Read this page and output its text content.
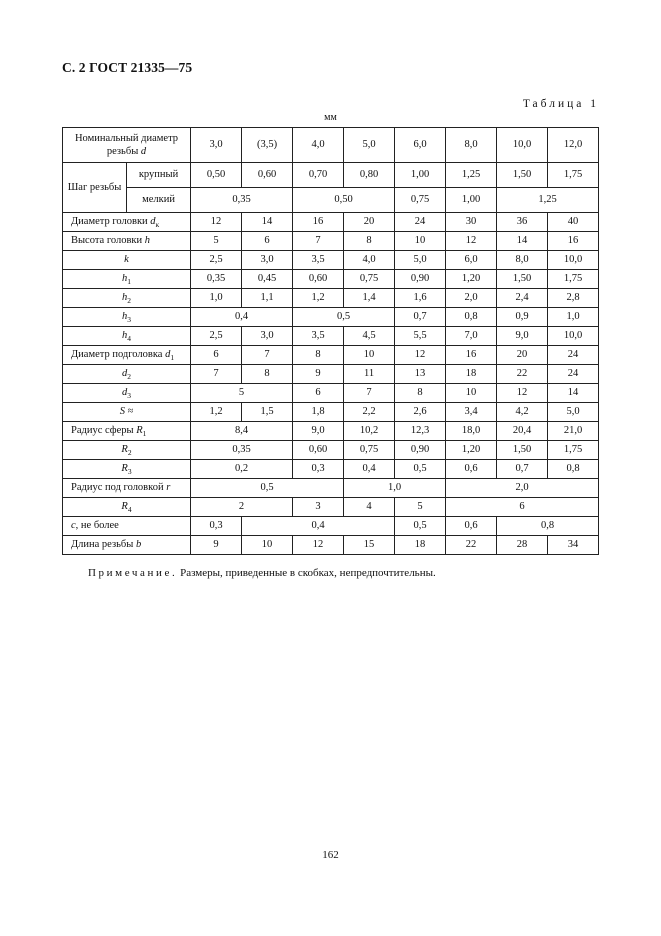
С. 2 ГОСТ 21335—75
Таблица 1
мм
Номинальный диаметр резьбы d		3,0	(3,5)	4,0	5,0	6,0	8,0	10,0	12,0
Шаг резьбы	крупный	0,50	0,60	0,70	0,80	1,00	1,25	1,50	1,75
	мелкий	0,35		0,50		0,75	1,00	1,25	
Диаметр головки $d_к$		12	14	16	20	24	30	36	40
Высота головки h		5	6	7	8	10	12	14	16
k		2,5	3,0	3,5	4,0	5,0	6,0	8,0	10,0
$h_1$		0,35	0,45	0,60	0,75	0,90	1,20	1,50	1,75
$h_2$		1,0	1,1	1,2	1,4	1,6	2,0	2,4	2,8
$h_3$		0,4		0,5		0,7	0,8	0,9	1,0
$h_4$		2,5	3,0	3,5	4,5	5,5	7,0	9,0	10,0
Диаметр подголовка $d_1$		6	7	8	10	12	16	20	24
$d_2$		7	8	9	11	13	18	22	24
$d_3$		5		6	7	8	10	12	14
S ≈		1,2	1,5	1,8	2,2	2,6	3,4	4,2	5,0
Радиус сферы $R_1$		8,4		9,0	10,2	12,3	18,0	20,4	21,0
$R_2$		0,35		0,60	0,75	0,90	1,20	1,50	1,75
$R_3$		0,2		0,3	0,4	0,5	0,6	0,7	0,8
Радиус под головкой r		0,5			1,0		2,0		
$R_4$		2		3	4	5	6		
c, не более		0,3	0,4			0,5	0,6	0,8	
Длина резьбы b		9	10	12	15	18	22	28	34
Примечание. Размеры, приведенные в скобках, непредпочтительны.
162
